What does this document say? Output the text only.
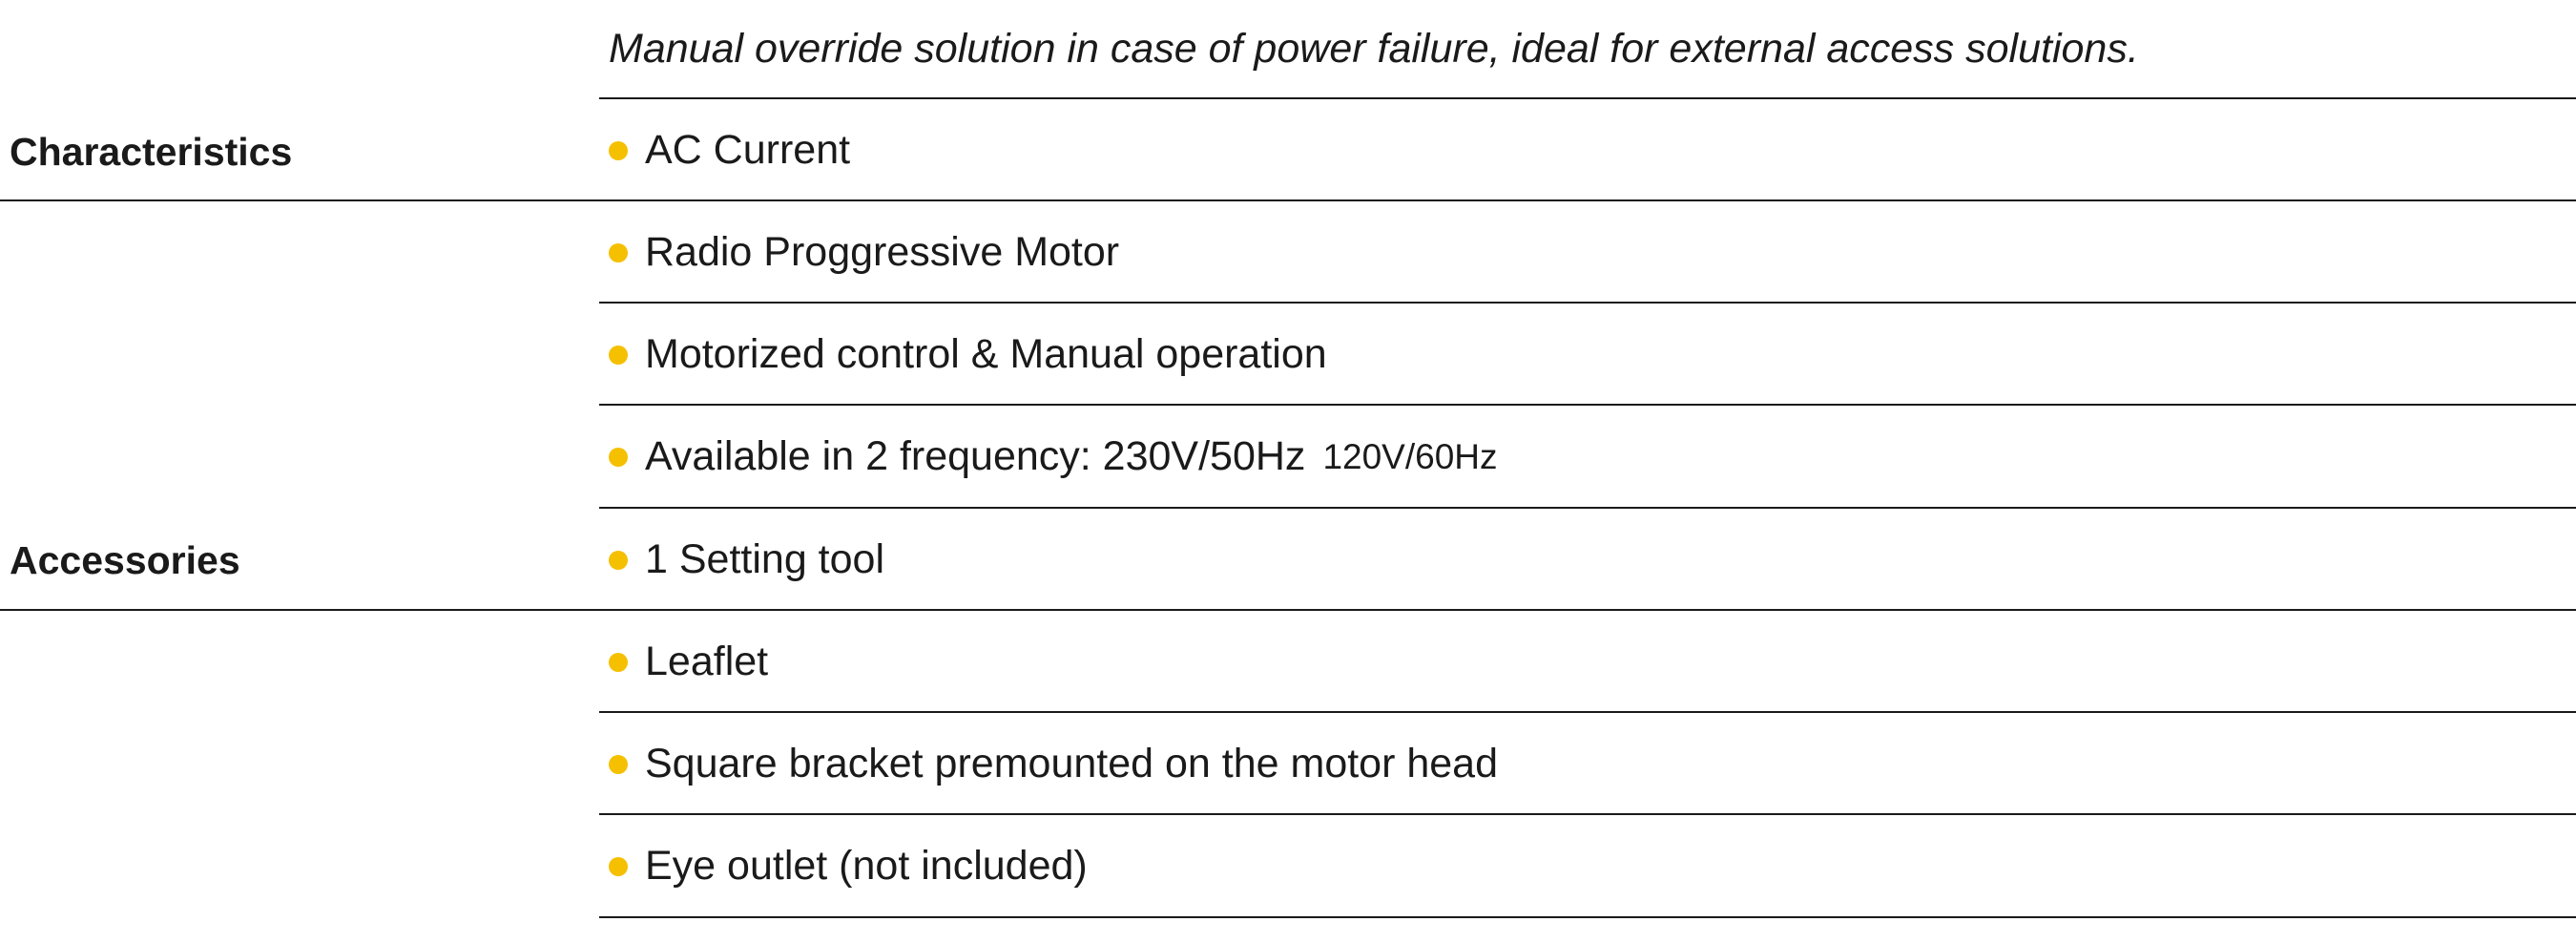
Manual override solution in case of power failure, ideal for external access solutions.
Characteristics	AC Current
Radio Proggressive Motor
Motorized control & Manual operation
Available in 2 frequency: 230V/50Hz 120V/60Hz
Accessories	1 Setting tool
Leaflet
Square bracket premounted on the motor head
Eye outlet (not included)
